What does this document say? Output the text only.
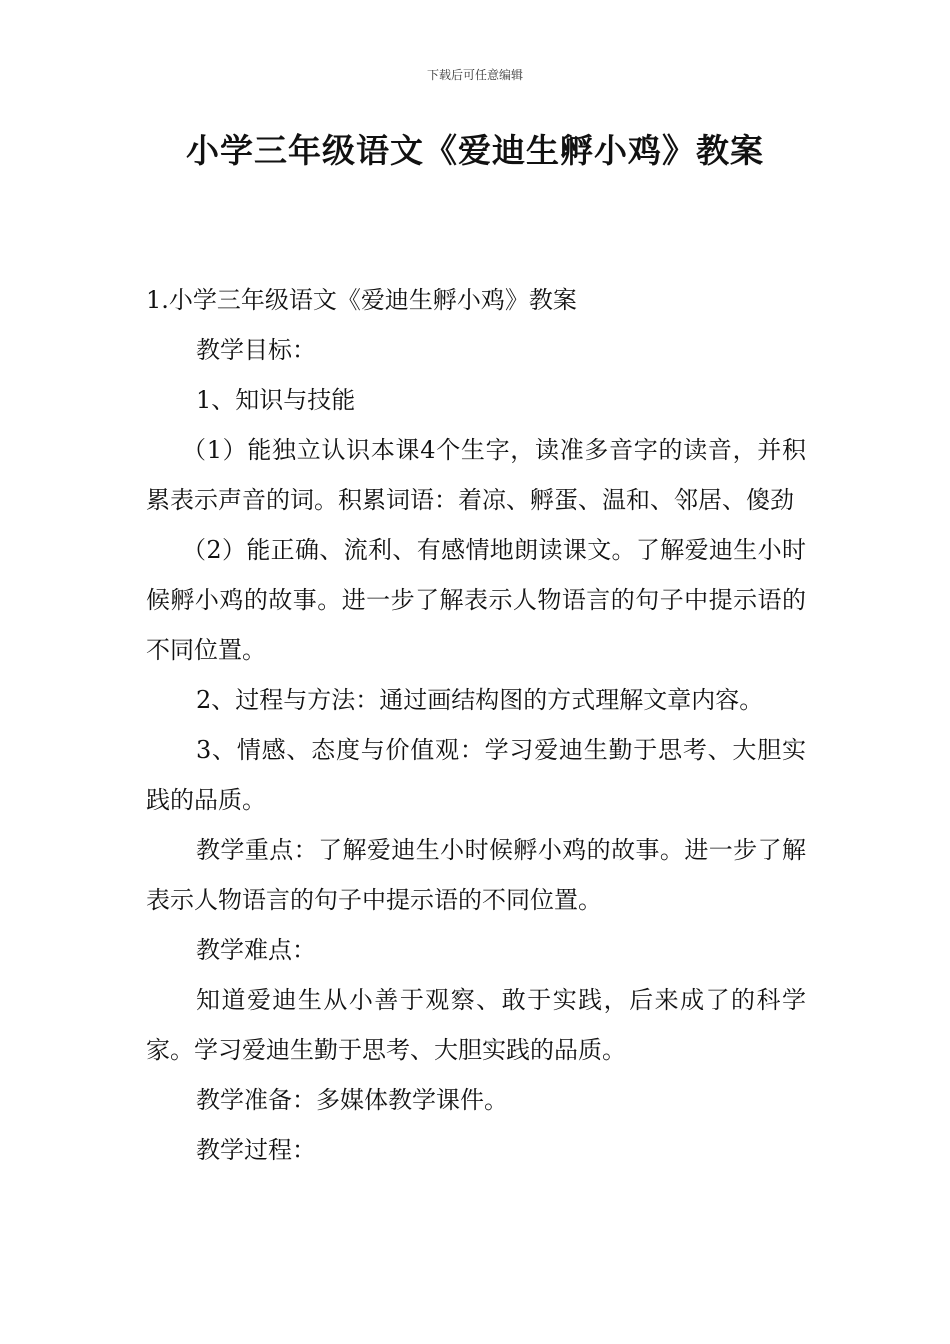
下载后可任意编辑
小学三年级语文《爱迪生孵小鸡》教案

1.小学三年级语文《爱迪生孵小鸡》教案

教学目标：

1、知识与技能

（1）能独立认识本课4个生字，读准多音字的读音，并积累表示声音的词。积累词语：着凉、孵蛋、温和、邻居、傻劲

（2）能正确、流利、有感情地朗读课文。了解爱迪生小时候孵小鸡的故事。进一步了解表示人物语言的句子中提示语的不同位置。

2、过程与方法：通过画结构图的方式理解文章内容。

3、情感、态度与价值观：学习爱迪生勤于思考、大胆实践的品质。

教学重点：了解爱迪生小时候孵小鸡的故事。进一步了解表示人物语言的句子中提示语的不同位置。

教学难点：

知道爱迪生从小善于观察、敢于实践，后来成了的科学家。学习爱迪生勤于思考、大胆实践的品质。

教学准备：多媒体教学课件。

教学过程：
